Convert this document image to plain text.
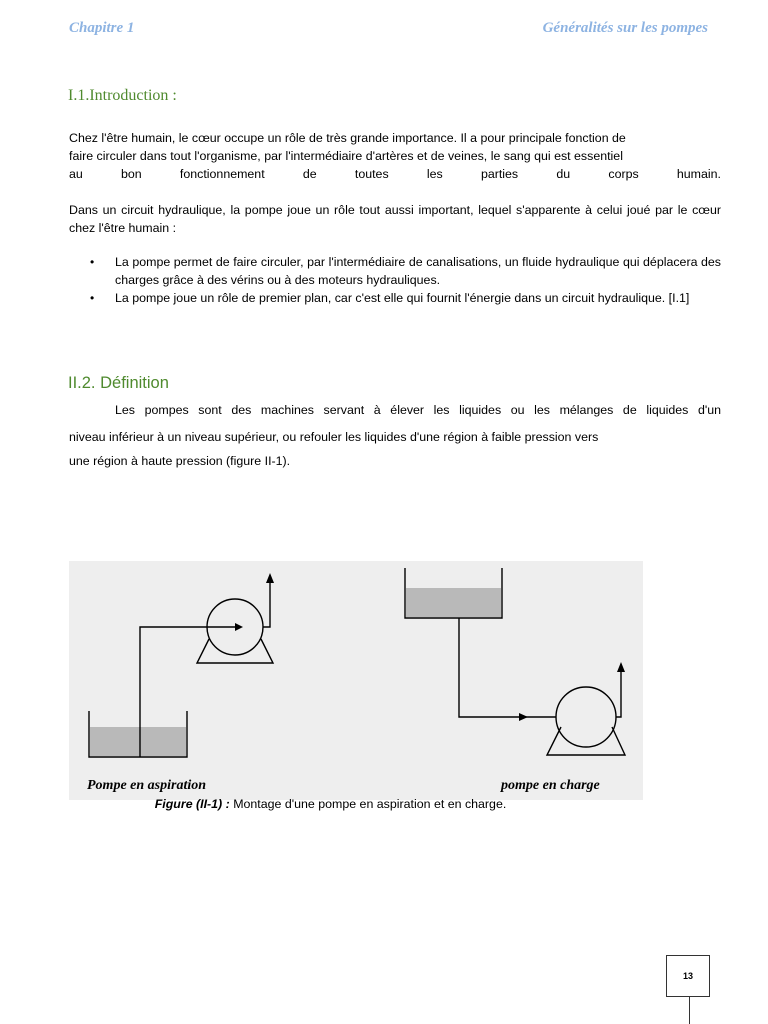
Chapitre 1	Généralités sur les pompes
I.1.Introduction :
Chez l'être humain, le cœur occupe un rôle de très grande importance. Il a pour principale fonction de
faire circuler dans tout l'organisme, par l'intermédiaire d'artères et de veines, le sang qui est essentiel
au bon fonctionnement de toutes les parties du corps humain.
Dans un circuit hydraulique, la pompe joue un rôle tout aussi important, lequel s'apparente à celui joué par le cœur chez l'être humain :
• La pompe permet de faire circuler, par l'intermédiaire de canalisations, un fluide hydraulique qui déplacera des charges grâce à des vérins ou à des moteurs hydrauliques.
• La pompe joue un rôle de premier plan, car c'est elle qui fournit l'énergie dans un circuit hydraulique. [I.1]
II.2. Définition
Les pompes sont des machines servant à élever les liquides ou les mélanges de liquides d'un
niveau inférieur à un niveau supérieur, ou refouler les liquides d'une région à faible pression vers
une région à haute pression (figure II-1).
Pompe en aspiration	pompe en charge
Figure (II-1) : Montage d'une pompe en aspiration et en charge.
13
